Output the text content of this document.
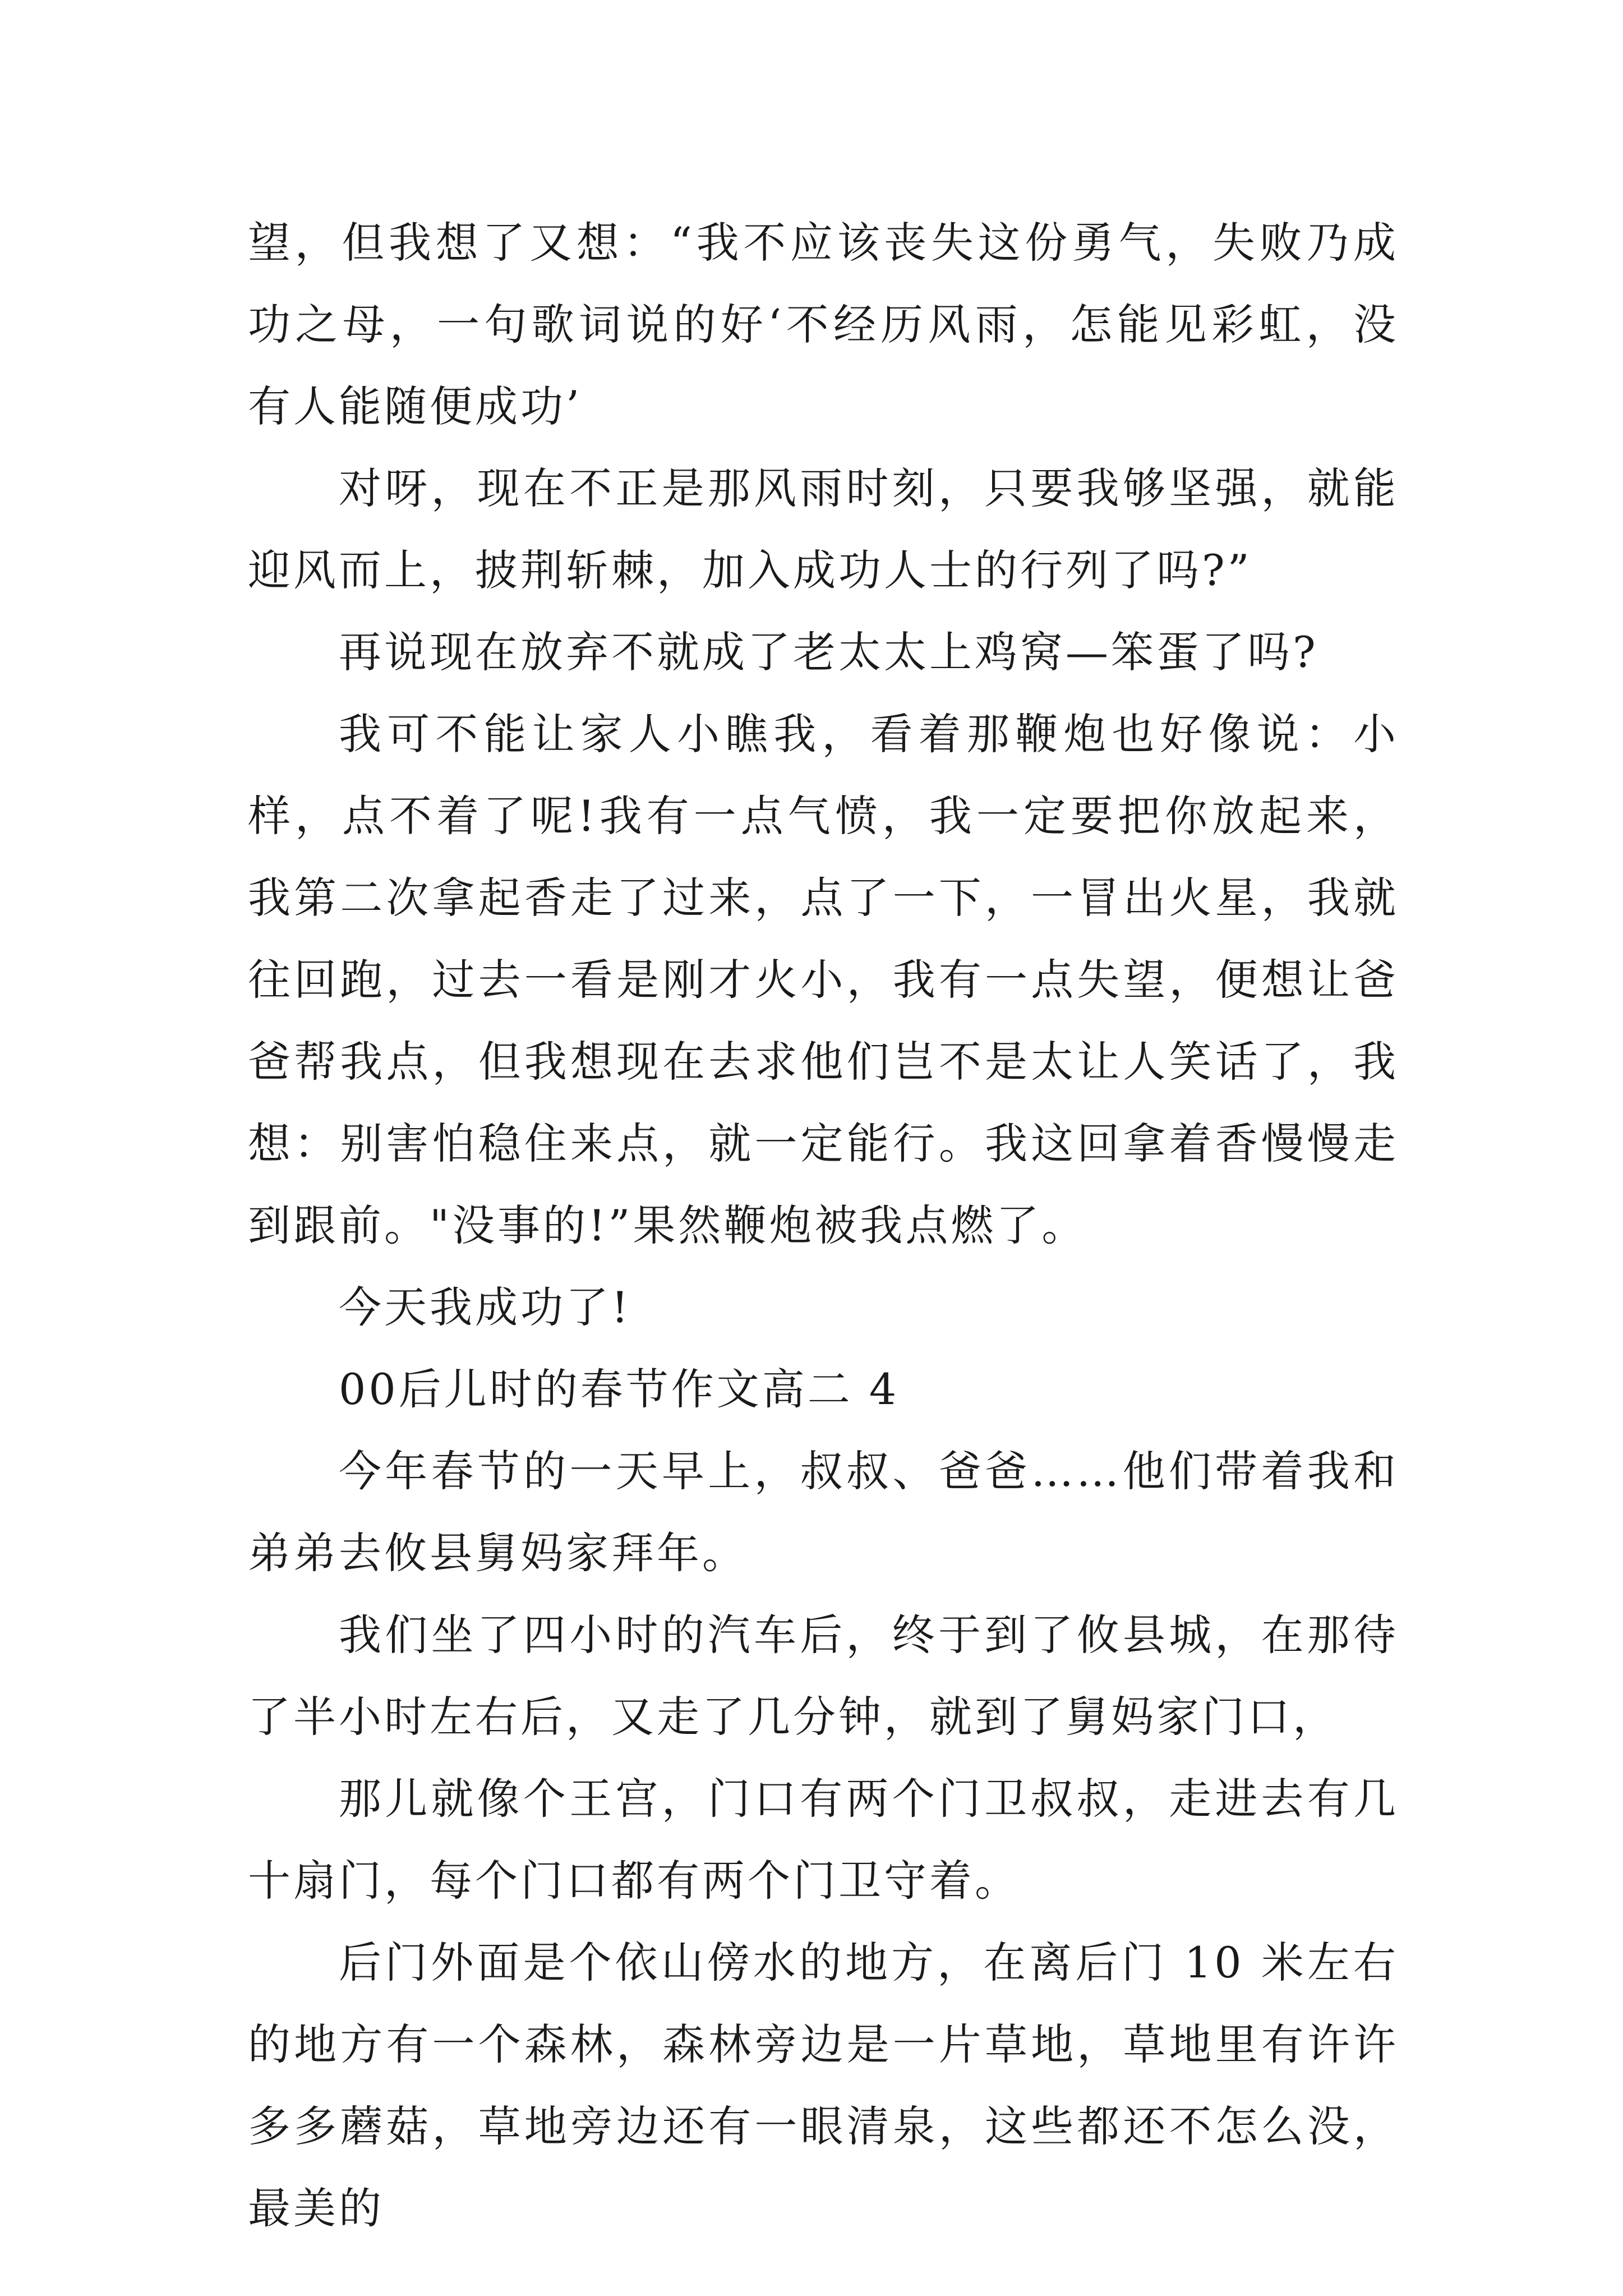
望，但我想了又想：“我不应该丧失这份勇气，失败乃成功之母，一句歌词说的好‘不经历风雨，怎能见彩虹，没有人能随便成功’

对呀，现在不正是那风雨时刻，只要我够坚强，就能迎风而上，披荆斩棘，加入成功人士的行列了吗?”

再说现在放弃不就成了老太太上鸡窝—笨蛋了吗?

我可不能让家人小瞧我，看着那鞭炮也好像说：小样，点不着了呢!我有一点气愤，我一定要把你放起来，我第二次拿起香走了过来，点了一下，一冒出火星，我就往回跑，过去一看是刚才火小，我有一点失望，便想让爸爸帮我点，但我想现在去求他们岂不是太让人笑话了，我想：别害怕稳住来点，就一定能行。我这回拿着香慢慢走到跟前。"没事的!”果然鞭炮被我点燃了。

今天我成功了!

00后儿时的春节作文高二 4

今年春节的一天早上，叔叔、爸爸……他们带着我和弟弟去攸县舅妈家拜年。

我们坐了四小时的汽车后，终于到了攸县城，在那待了半小时左右后，又走了几分钟，就到了舅妈家门口，

那儿就像个王宫，门口有两个门卫叔叔，走进去有几十扇门，每个门口都有两个门卫守着。

后门外面是个依山傍水的地方，在离后门 10 米左右的地方有一个森林，森林旁边是一片草地，草地里有许许多多蘑菇，草地旁边还有一眼清泉，这些都还不怎么没，最美的
